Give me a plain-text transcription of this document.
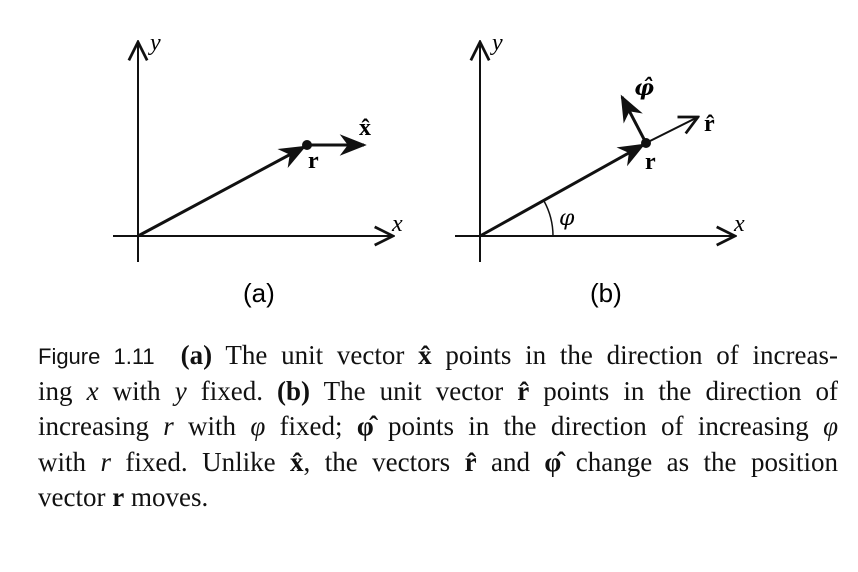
y
x
r
x̂
(a)
y
x
r
r̂
φ̂
φ
(b)
Figure 1.11 (a) The unit vector x̂ points in the direction of increas-
ing x with y fixed. (b) The unit vector r̂ points in the direction of
increasing r with φ fixed; φ̂ points in the direction of increasing φ
with r fixed. Unlike x̂, the vectors r̂ and φ̂ change as the position
vector r moves.
